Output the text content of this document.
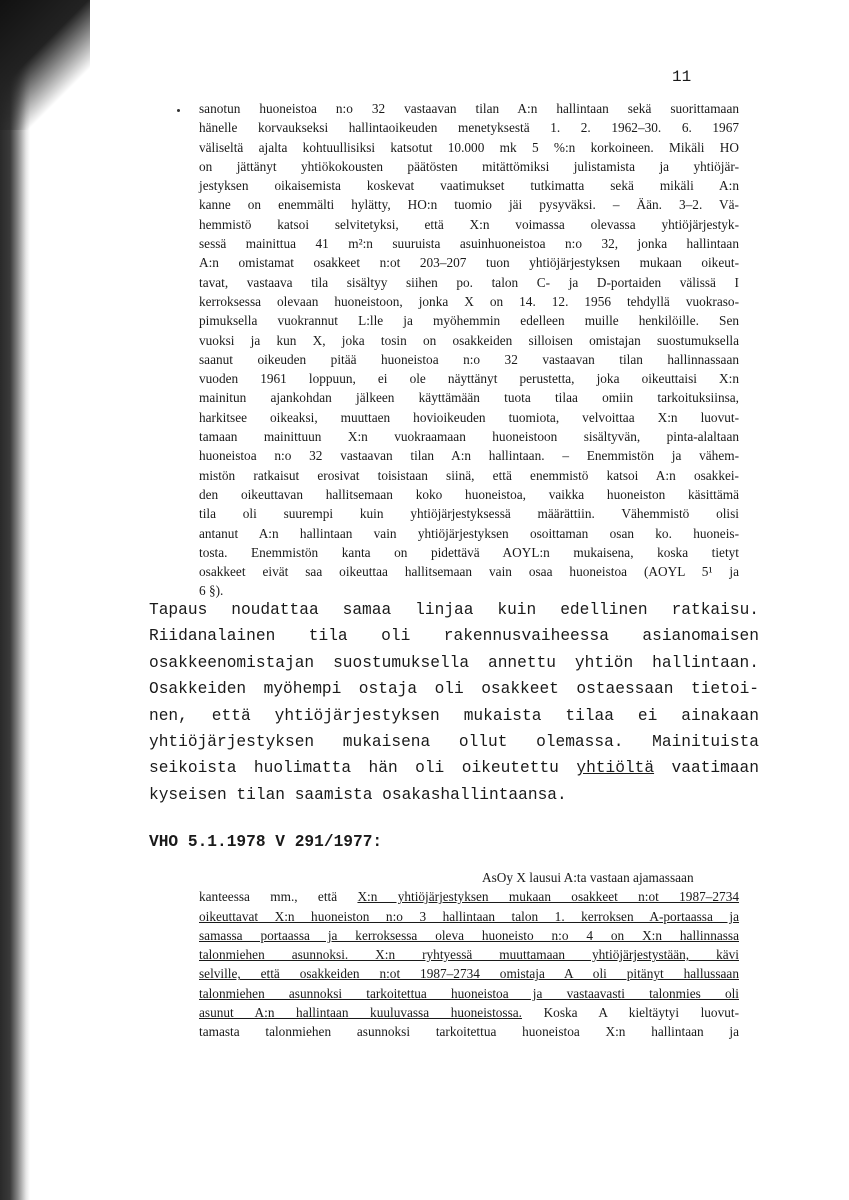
11
sanotun huoneistoa n:o 32 vastaavan tilan A:n hallintaan sekä suorittamaan
hänelle korvaukseksi hallintaoikeuden menetyksestä 1. 2. 1962–30. 6. 1967
väliseltä ajalta kohtuullisiksi katsotut 10.000 mk 5 %:n korkoineen. Mikäli HO
on jättänyt yhtiökokousten päätösten mitättömiksi julistamista ja yhtiöjär-
jestyksen oikaisemista koskevat vaatimukset tutkimatta sekä mikäli A:n
kanne on enemmälti hylätty, HO:n tuomio jäi pysyväksi. – Ään. 3–2. Vä-
hemmistö katsoi selvitetyksi, että X:n voimassa olevassa yhtiöjärjestyk-
sessä mainittua 41 m²:n suuruista asuinhuoneistoa n:o 32, jonka hallintaan
A:n omistamat osakkeet n:ot 203–207 tuon yhtiöjärjestyksen mukaan oikeut-
tavat, vastaava tila sisältyy siihen po. talon C- ja D-portaiden välissä I
kerroksessa olevaan huoneistoon, jonka X on 14. 12. 1956 tehdyllä vuokraso-
pimuksella vuokrannut L:lle ja myöhemmin edelleen muille henkilöille. Sen
vuoksi ja kun X, joka tosin on osakkeiden silloisen omistajan suostumuksella
saanut oikeuden pitää huoneistoa n:o 32 vastaavan tilan hallinnassaan
vuoden 1961 loppuun, ei ole näyttänyt perustetta, joka oikeuttaisi X:n
mainitun ajankohdan jälkeen käyttämään tuota tilaa omiin tarkoituksiinsa,
harkitsee oikeaksi, muuttaen hovioikeuden tuomiota, velvoittaa X:n luovut-
tamaan mainittuun X:n vuokraamaan huoneistoon sisältyvän, pinta-alaltaan
huoneistoa n:o 32 vastaavan tilan A:n hallintaan. – Enemmistön ja vähem-
mistön ratkaisut erosivat toisistaan siinä, että enemmistö katsoi A:n osakkei-
den oikeuttavan hallitsemaan koko huoneistoa, vaikka huoneiston käsittämä
tila oli suurempi kuin yhtiöjärjestyksessä määrättiin. Vähemmistö olisi
antanut A:n hallintaan vain yhtiöjärjestyksen osoittaman osan ko. huoneis-
tosta. Enemmistön kanta on pidettävä AOYL:n mukaisena, koska tietyt
osakkeet eivät saa oikeuttaa hallitsemaan vain osaa huoneistoa (AOYL 5¹ ja
6 §).
Tapaus noudattaa samaa linjaa kuin edellinen ratkaisu.
Riidanalainen tila oli rakennusvaiheessa asianomaisen
osakkeenomistajan suostumuksella annettu yhtiön hallintaan.
Osakkeiden myöhempi ostaja oli osakkeet ostaessaan tietoi-
nen, että yhtiöjärjestyksen mukaista tilaa ei ainakaan
yhtiöjärjestyksen mukaisena ollut olemassa. Mainituista
seikoista huolimatta hän oli oikeutettu yhtiöltä vaatimaan
kyseisen tilan saamista osakashallintaansa.
VHO 5.1.1978 V 291/1977:
AsOy X lausui A:ta vastaan ajamassaan
kanteessa mm., että X:n yhtiöjärjestyksen mukaan osakkeet n:ot 1987–2734
oikeuttavat X:n huoneiston n:o 3 hallintaan talon 1. kerroksen A-portaassa ja
samassa portaassa ja kerroksessa oleva huoneisto n:o 4 on X:n hallinnassa
talonmiehen asunnoksi. X:n ryhtyessä muuttamaan yhtiöjärjestystään, kävi
selville, että osakkeiden n:ot 1987–2734 omistaja A oli pitänyt hallussaan
talonmiehen asunnoksi tarkoitettua huoneistoa ja vastaavasti talonmies oli
asunut A:n hallintaan kuuluvassa huoneistossa. Koska A kieltäytyi luovut-
tamasta talonmiehen asunnoksi tarkoitettua huoneistoa X:n hallintaan ja
